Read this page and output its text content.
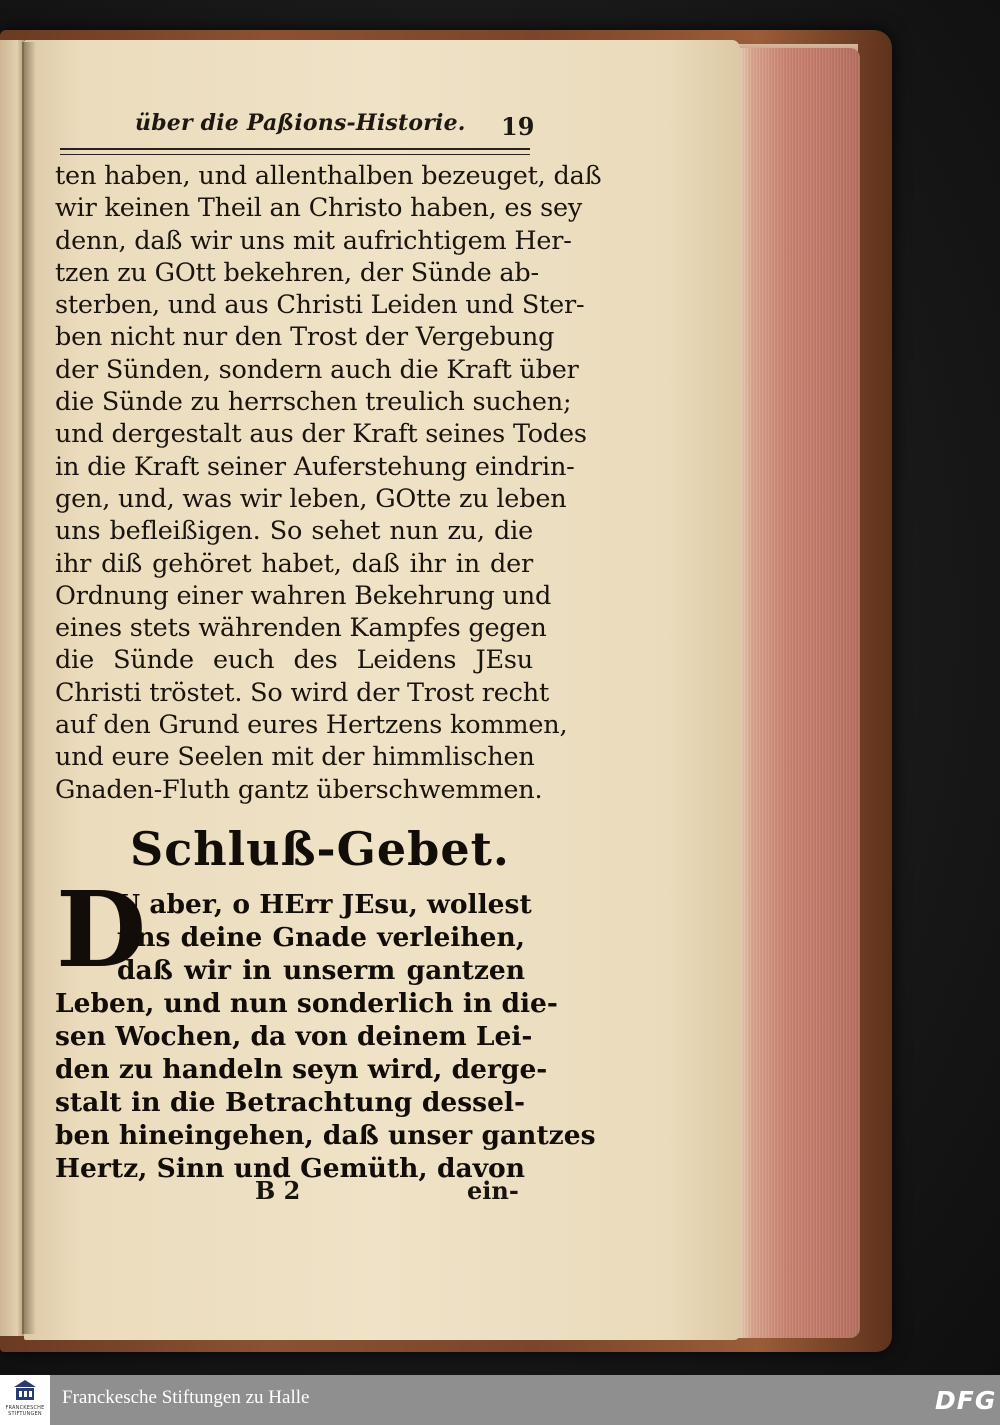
über die Paßions-Historie. 19
ten haben, und allenthalben bezeuget, daß
wir keinen Theil an Christo haben, es sey
denn, daß wir uns mit aufrichtigem Her-
tzen zu GOtt bekehren, der Sünde ab-
sterben, und aus Christi Leiden und Ster-
ben nicht nur den Trost der Vergebung
der Sünden, sondern auch die Kraft über
die Sünde zu herrschen treulich suchen;
und dergestalt aus der Kraft seines Todes
in die Kraft seiner Auferstehung eindrin-
gen, und, was wir leben, GOtte zu leben
uns befleißigen. So sehet nun zu, die
ihr diß gehöret habet, daß ihr in der
Ordnung einer wahren Bekehrung und
eines stets währenden Kampfes gegen
die Sünde euch des Leidens JEsu
Christi tröstet. So wird der Trost recht
auf den Grund eures Hertzens kommen,
und eure Seelen mit der himmlischen
Gnaden-Fluth gantz überschwemmen.
Schluß-Gebet.
D
U aber, o HErr JEsu, wollest
uns deine Gnade verleihen,
daß wir in unserm gantzen
Leben, und nun sonderlich in die-
sen Wochen, da von deinem Lei-
den zu handeln seyn wird, derge-
stalt in die Betrachtung dessel-
ben hineingehen, daß unser gantzes
Hertz, Sinn und Gemüth, davon
B 2	ein-
FRANCKESCHE STIFTUNGEN
Franckesche Stiftungen zu Halle	DFG
